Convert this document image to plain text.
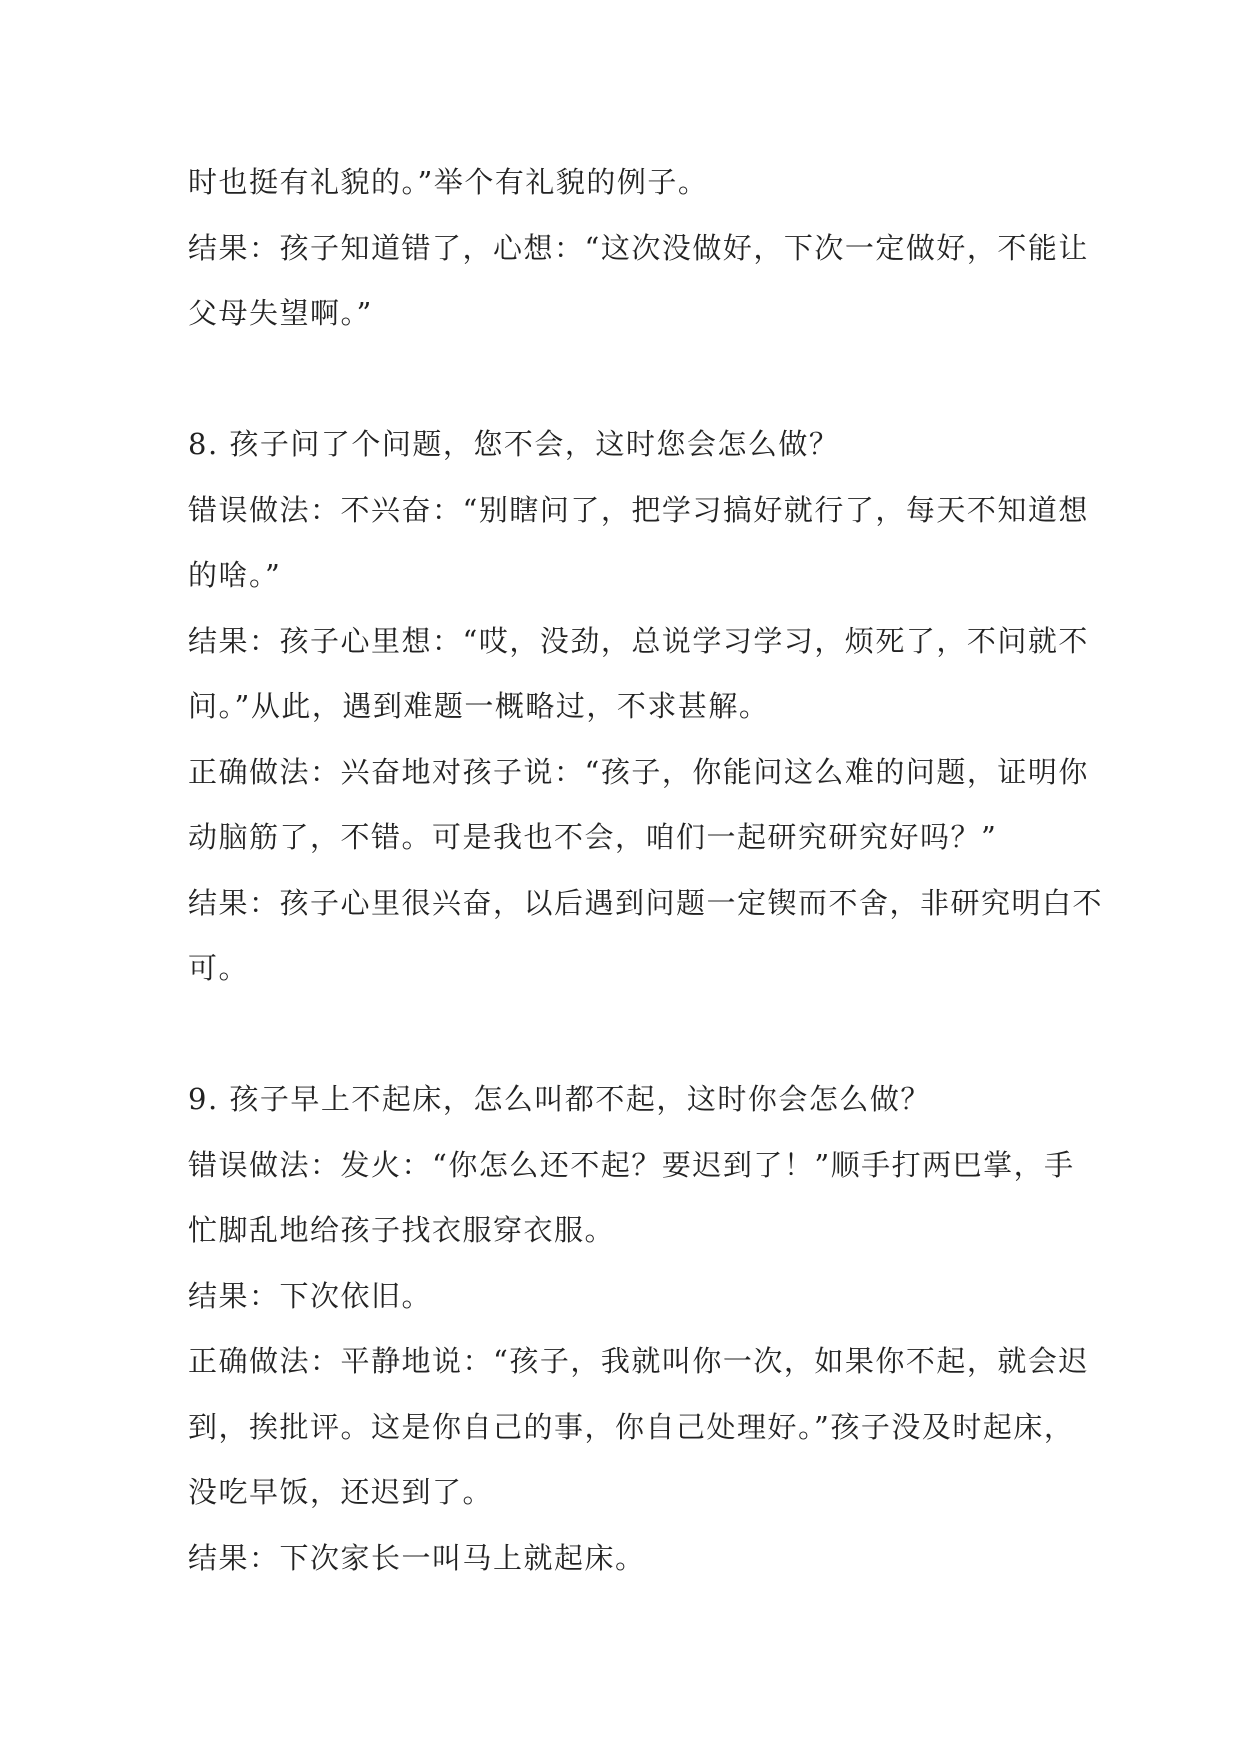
时也挺有礼貌的。”举个有礼貌的例子。
结果：孩子知道错了，心想：“这次没做好，下次一定做好，不能让
父母失望啊。”
8. 孩子问了个问题，您不会，这时您会怎么做？
错误做法：不兴奋：“别瞎问了，把学习搞好就行了，每天不知道想
的啥。”
结果：孩子心里想：“哎，没劲，总说学习学习，烦死了，不问就不
问。”从此，遇到难题一概略过，不求甚解。
正确做法：兴奋地对孩子说：“孩子，你能问这么难的问题，证明你
动脑筋了，不错。可是我也不会，咱们一起研究研究好吗？”
结果：孩子心里很兴奋，以后遇到问题一定锲而不舍，非研究明白不
可。
9. 孩子早上不起床，怎么叫都不起，这时你会怎么做？
错误做法：发火：“你怎么还不起？要迟到了！”顺手打两巴掌，手
忙脚乱地给孩子找衣服穿衣服。
结果：下次依旧。
正确做法：平静地说：“孩子，我就叫你一次，如果你不起，就会迟
到，挨批评。这是你自己的事，你自己处理好。”孩子没及时起床，
没吃早饭，还迟到了。
结果：下次家长一叫马上就起床。
